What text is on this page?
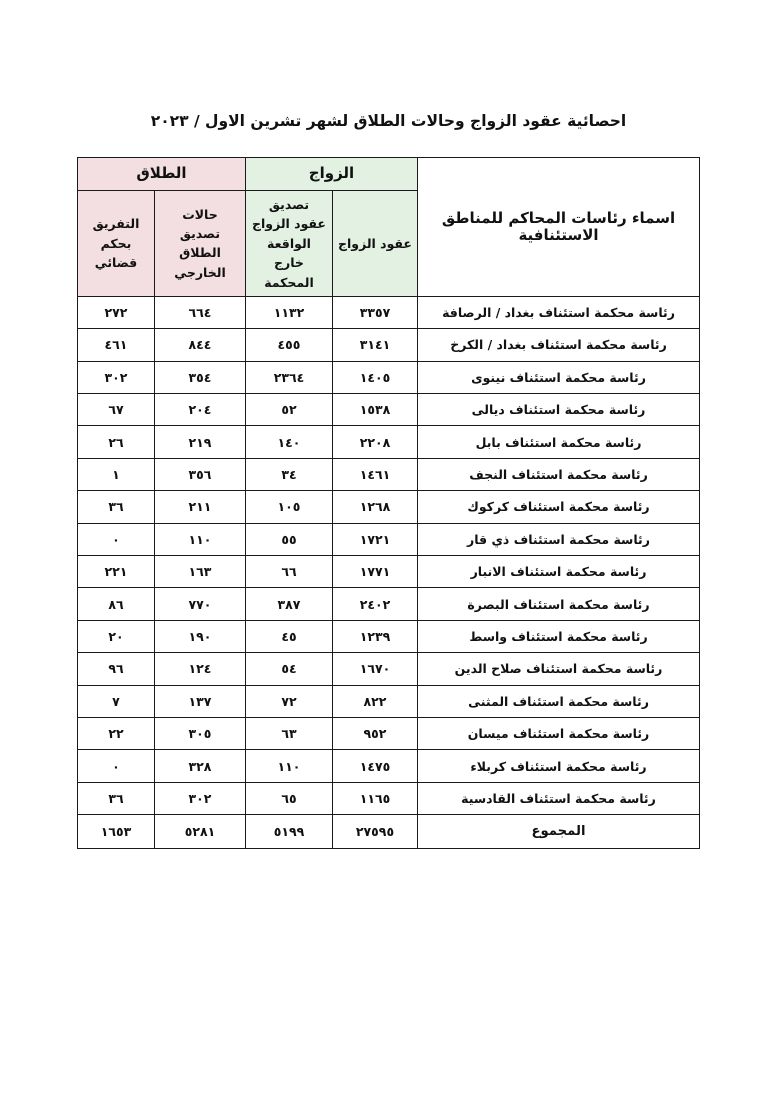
احصائية عقود الزواج وحالات الطلاق لشهر تشرين الاول / ٢٠٢٣
اسماء رئاسات المحاكم للمناطق الاستئنافية	الزواج		الطلاق	
	عقود الزواج	تصديق عقود الزواج الواقعة خارج المحكمة	حالات تصديق الطلاق الخارجي	التفريق بحكم قضائي
رئاسة محكمة استئناف بغداد / الرصافة	٣٣٥٧	١١٣٢	٦٦٤	٢٧٢
رئاسة محكمة استئناف بغداد / الكرخ	٣١٤١	٤٥٥	٨٤٤	٤٦١
رئاسة محكمة استئناف نينوى	١٤٠٥	٢٣٦٤	٣٥٤	٣٠٢
رئاسة محكمة استئناف ديالى	١٥٣٨	٥٢	٢٠٤	٦٧
رئاسة محكمة استئناف بابل	٢٢٠٨	١٤٠	٢١٩	٢٦
رئاسة محكمة استئناف النجف	١٤٦١	٣٤	٣٥٦	١
رئاسة محكمة استئناف كركوك	١٢٦٨	١٠٥	٢١١	٣٦
رئاسة محكمة استئناف ذي قار	١٧٢١	٥٥	١١٠	٠
رئاسة محكمة استئناف الانبار	١٧٧١	٦٦	١٦٣	٢٢١
رئاسة محكمة استئناف البصرة	٢٤٠٢	٣٨٧	٧٧٠	٨٦
رئاسة محكمة استئناف واسط	١٢٣٩	٤٥	١٩٠	٢٠
رئاسة محكمة استئناف صلاح الدين	١٦٧٠	٥٤	١٢٤	٩٦
رئاسة محكمة استئناف المثنى	٨٢٢	٧٢	١٣٧	٧
رئاسة محكمة استئناف ميسان	٩٥٢	٦٣	٣٠٥	٢٢
رئاسة محكمة استئناف كربلاء	١٤٧٥	١١٠	٣٢٨	٠
رئاسة محكمة استئناف القادسية	١١٦٥	٦٥	٣٠٢	٣٦
المجموع	٢٧٥٩٥	٥١٩٩	٥٢٨١	١٦٥٣
